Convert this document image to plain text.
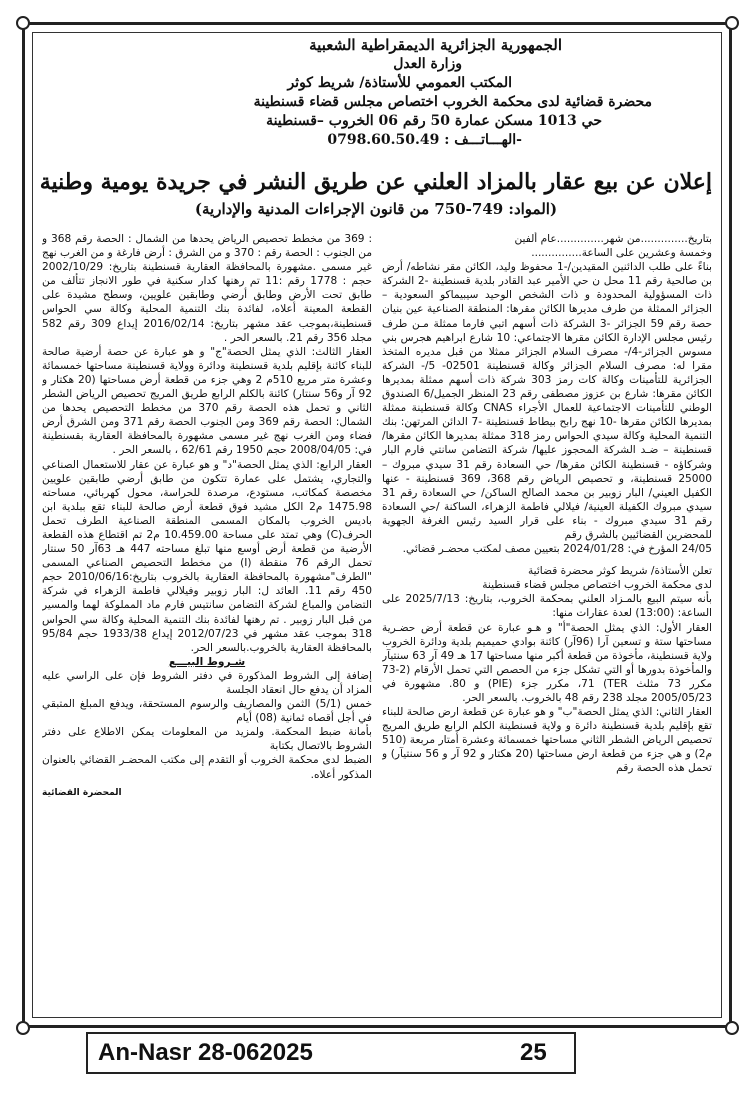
الجمهورية الجزائرية الديمقراطية الشعبية
وزارة العدل
المكتب العمومي للأستاذة/ شريط كوثر
محضرة قضائية لدى محكمة الخروب اختصاص مجلس قضاء قسنطينة
حي 1013 مسكن عمارة 50 رقم 06 الخروب –قسنطينة
-الهـــاتـــف : 0798.60.50.49
إعلان عن بيع عقار بالمزاد العلني عن طريق النشر في جريدة يومية وطنية
(المواد: 749-750 من قانون الإجراءات المدنية والإدارية)

بتاريخ..............من شهر..............عام ألفين

وخمسة وعشرين على الساعة...............

بناءً على طلب الدائنين المقيدين/-1 محفوظ وليد، الكائن مقر نشاطه/ أرض بن صالحية رقم 11 محل ن حي الأمير عبد القادر بلدية قسنطينة -2 الشركة ذات المسؤولية المحدودة و ذات الشخص الوحيد سيبيماكو السعودية – الجزائر الممثلة من طرف مديرها الكائن مقرها: المنطقة الصناعية عين بنيان حصة رقم 59 الجزائر -3 الشركة ذات أسهم اتبي فارما ممثلة مـن طرف رئيس مجلس الإدارة الكائن مقرها الاجتماعي: 10 شارع ابراهيم هجرس بني مسوس الجزائر-4/- مصرف السلام الجزائر ممثلا من قبل مديره المتخذ مقرا له: مصرف السلام الجزائر وكالة قسنطينة 02501- 5/- الشركة الجزائرية للتأمينات وكالة كات رمز 303 شركة ذات أسهم ممثلة بمديرها الكائن مقرها: شارع بن عزوز مصطفى رقم 23 المنظر الجميل/6 الصندوق الوطني للتأمينات الاجتماعية للعمال الأجراء CNAS وكالة قسنطينة ممثلة بمديرها الكائن مقرها -10 نهج رابح بيطاط قسنطينة -7 الدائن المرتهن: بنك التنمية المحلية وكالة سيدي الحواس رمز 318 ممثلة بمديرها الكائن مقرها/ قسنطينة – ضـد الشركة المحجوز عليها/ شركة التضامن سانتي فارم البار وشركاؤه - قسنطينة الكائن مقرها/ حي السعادة رقم 31 سيدي مبروك – 25000 قسنطينة، و تحصيص الرياض رقم 368، 369 قسنطينة - عنها الكفيل العيني/ البار زوبير بن محمد الصالح الساكن/ حي السعادة رقم 31 سيدي مبروك الكفيلة العينية/ فيلالي فاطمة الزهراء، الساكنة /حي السعادة رقم 31 سيدي مبروك - بناء على قرار السيد رئيس الغرفة الجهوية للمحضرين القضائيين بالشرق رقم

24/05 المؤرخ في: 2024/01/28 بتعيين مصف لمكتب محضـر قضائي.

تعلن الأستاذة/ شريط كوثر محضرة قضائية

لدى محكمة الخروب اختصاص مجلس قضاء قسنطينة

بأنه سيتم البيع بالمـزاد العلني بمحكمة الخروب، بتاريخ: 2025/7/13 على الساعة: (13:00) لعدة عقارات منها:

العقار الأول: الذي يمثل الحصة"أ" و هـو عبارة عن قطعة أرض حضـرية مساحتها ستة و تسعين آرا (96آر) كائنة بوادي حميميم بلدية ودائرة الخروب ولاية قسنطينة، مأخوذة من قطعة أكبر منها مساحتها 17 هـ 49 آر 63 سنتيآر والمأخوذة بدورها أو التي تشكل جزء من الحصص التي تحمل الأرقام (2-73 مكرر 73 مثلث TER) 71، مكرر جزء (PIE) و 80. مشهورة في 2005/05/23 مجلد 238 رقم 48 بالخروب. بالسعر الحر.

العقار الثاني: الذي يمثل الحصة"ب" و هو عبارة عن قطعة ارض صالحة للبناء تقع بإقليم بلدية قسنطينة دائرة و ولاية قسنطينة الكلم الرابع طريق المريج تحصيص الرياض الشطر الثاني مساحتها خمسمائة وعشرة أمتار مربعة (510 م2) و هي جزء من قطعة ارض مساحتها (20 هكتار و 92 آر و 56 سنتيآر) و تحمل هذه الحصة رقم

: 369 من مخطط تحصيص الرياض يحدها من الشمال : الحصة رقم 368 و من الجنوب : الحصة رقم : 370 و من الشرق : أرض فارغة و من الغرب نهج غير مسمى .مشهورة بالمحافظة العقارية قسنطينة بتاريخ: 2002/10/29 حجم : 1778 رقم :11 تم رهنها كدار سكنية في طور الانجاز تتألف من طابق تحت الأرض وطابق أرضي وطابقين علويين، وسطح مشيدة على القطعة المعينة أعلاه، لفائدة بنك التنمية المحلية وكالة سي الحواس قسنطينة،بموجب عقد مشهر بتاريخ: 2016/02/14 إيداع 309 رقم 582 مجلد 356 رقم 21. بالسعر الحر .

العقار الثالث: الذي يمثل الحصة"ج" و هو عبارة عن حصة أرضية صالحة للبناء كائنة بإقليم بلدية قسنطينة ودائرة وولاية قسنطينة مساحتها خمسمائة وعشرة متر مربع 510م 2 وهي جزء من قطعة أرض مساحتها (20 هكتار و 92 آر و56 سنتار) كائنة بالكلم الرابع طريق المريج تحصيص الرياض الشطر الثاني و تحمل هذه الحصة رقم 370 من مخطط التحصيص يحدها من الشمال: الحصة رقم 369 ومن الجنوب الحصة رقم 371 ومن الشرق أرض فضاء ومن الغرب نهج غير مسمى مشهورة بالمحافظة العقارية بقسنطينة في: 2008/04/05 حجم 1950 رقم 62/61 ، بالسعر الحر .

العقار الرابع: الذي يمثل الحصة"د" و هو عبارة عن عقار للاستعمال الصناعي والتجاري، يشتمل على عمارة تتكون من طابق أرضي طابقين علويين مخصصة كمكاتب، مستودع، مرصدة للحراسة، محول كهربائي، مساحته 1475.98 م2 الكل مشيد فوق قطعة أرض صالحة للبناء تقع ببلدية ابن باديس الخروب بالمكان المسمى المنطقة الصناعية الطرف تحمل الحرف(C) وهي تمتد على مساحة 10.459.00 م2 تم اقتطاع هذه القطعة الأرضية من قطعة أرض أوسع منها تبلغ مساحته 447 هـ 63آر 50 سنتار تحمل الرقم 76 منقطة (I) من مخطط التحصيص الصناعي المسمى "الطرف"مشهورة بالمحافظة العقارية بالخروب بتاريخ:2010/06/16 حجم 450 رقم 11. العائد ل: البار زوبير وفيلالي فاطمة الزهراء في شركة التضامن والمباع لشركة التضامن سانتيس فارم ماد المملوكة لهما والمسير من قبل البار زوبير . تم رهنها لفائدة بنك التنمية المحلية وكالة سي الحواس 318 بموجب عقد مشهر في 2012/07/23 إيداع 1933/38 حجم 95/84 بالمحافظة العقارية بالخروب.بالسعر الحر.

شـروط البيـــع

إضافة إلى الشروط المذكورة في دفتر الشروط فإن على الراسي عليه المزاد أن يدفع حال انعقاد الجلسة

خمس (5/1) الثمن والمصاريف والرسوم المستحقة، ويدفع المبلغ المتبقي في أجل أقصاه ثمانية (08) أيام

بأمانة ضبط المحكمة. ولمزيد من المعلومات يمكن الاطلاع على دفتر الشروط بالاتصال بكتابة

الضبط لدى محكمة الخروب أو التقدم إلى مكتب المحضـر القضائي بالعنوان المذكور أعلاه.

المحضرة القضائية

An-Nasr 28-062025	25
